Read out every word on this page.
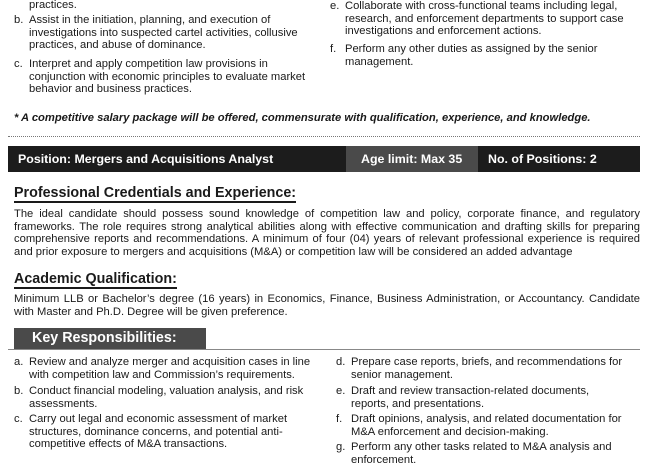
practices.
b. Assist in the initiation, planning, and execution of investigations into suspected cartel activities, collusive practices, and abuse of dominance.
c. Interpret and apply competition law provisions in conjunction with economic principles to evaluate market behavior and business practices.
e. Collaborate with cross-functional teams including legal, research, and enforcement departments to support case investigations and enforcement actions.
f. Perform any other duties as assigned by the senior management.
* A competitive salary package will be offered, commensurate with qualification, experience, and knowledge.
Position: Mergers and Acquisitions Analyst	Age limit: Max 35	No. of Positions: 2
Professional Credentials and Experience:
The ideal candidate should possess sound knowledge of competition law and policy, corporate finance, and regulatory frameworks. The role requires strong analytical abilities along with effective communication and drafting skills for preparing comprehensive reports and recommendations. A minimum of four (04) years of relevant professional experience is required and prior exposure to mergers and acquisitions (M&A) or competition law will be considered an added advantage
Academic Qualification:
Minimum LLB or Bachelor’s degree (16 years) in Economics, Finance, Business Administration, or Accountancy. Candidate with Master and Ph.D. Degree will be given preference.
Key Responsibilities:
a. Review and analyze merger and acquisition cases in line with competition law and Commission’s requirements.
b. Conduct financial modeling, valuation analysis, and risk assessments.
c. Carry out legal and economic assessment of market structures, dominance concerns, and potential anti-competitive effects of M&A transactions.
d. Prepare case reports, briefs, and recommendations for senior management.
e. Draft and review transaction-related documents, reports, and presentations.
f. Draft opinions, analysis, and related documentation for M&A enforcement and decision-making.
g. Perform any other tasks related to M&A analysis and enforcement.
